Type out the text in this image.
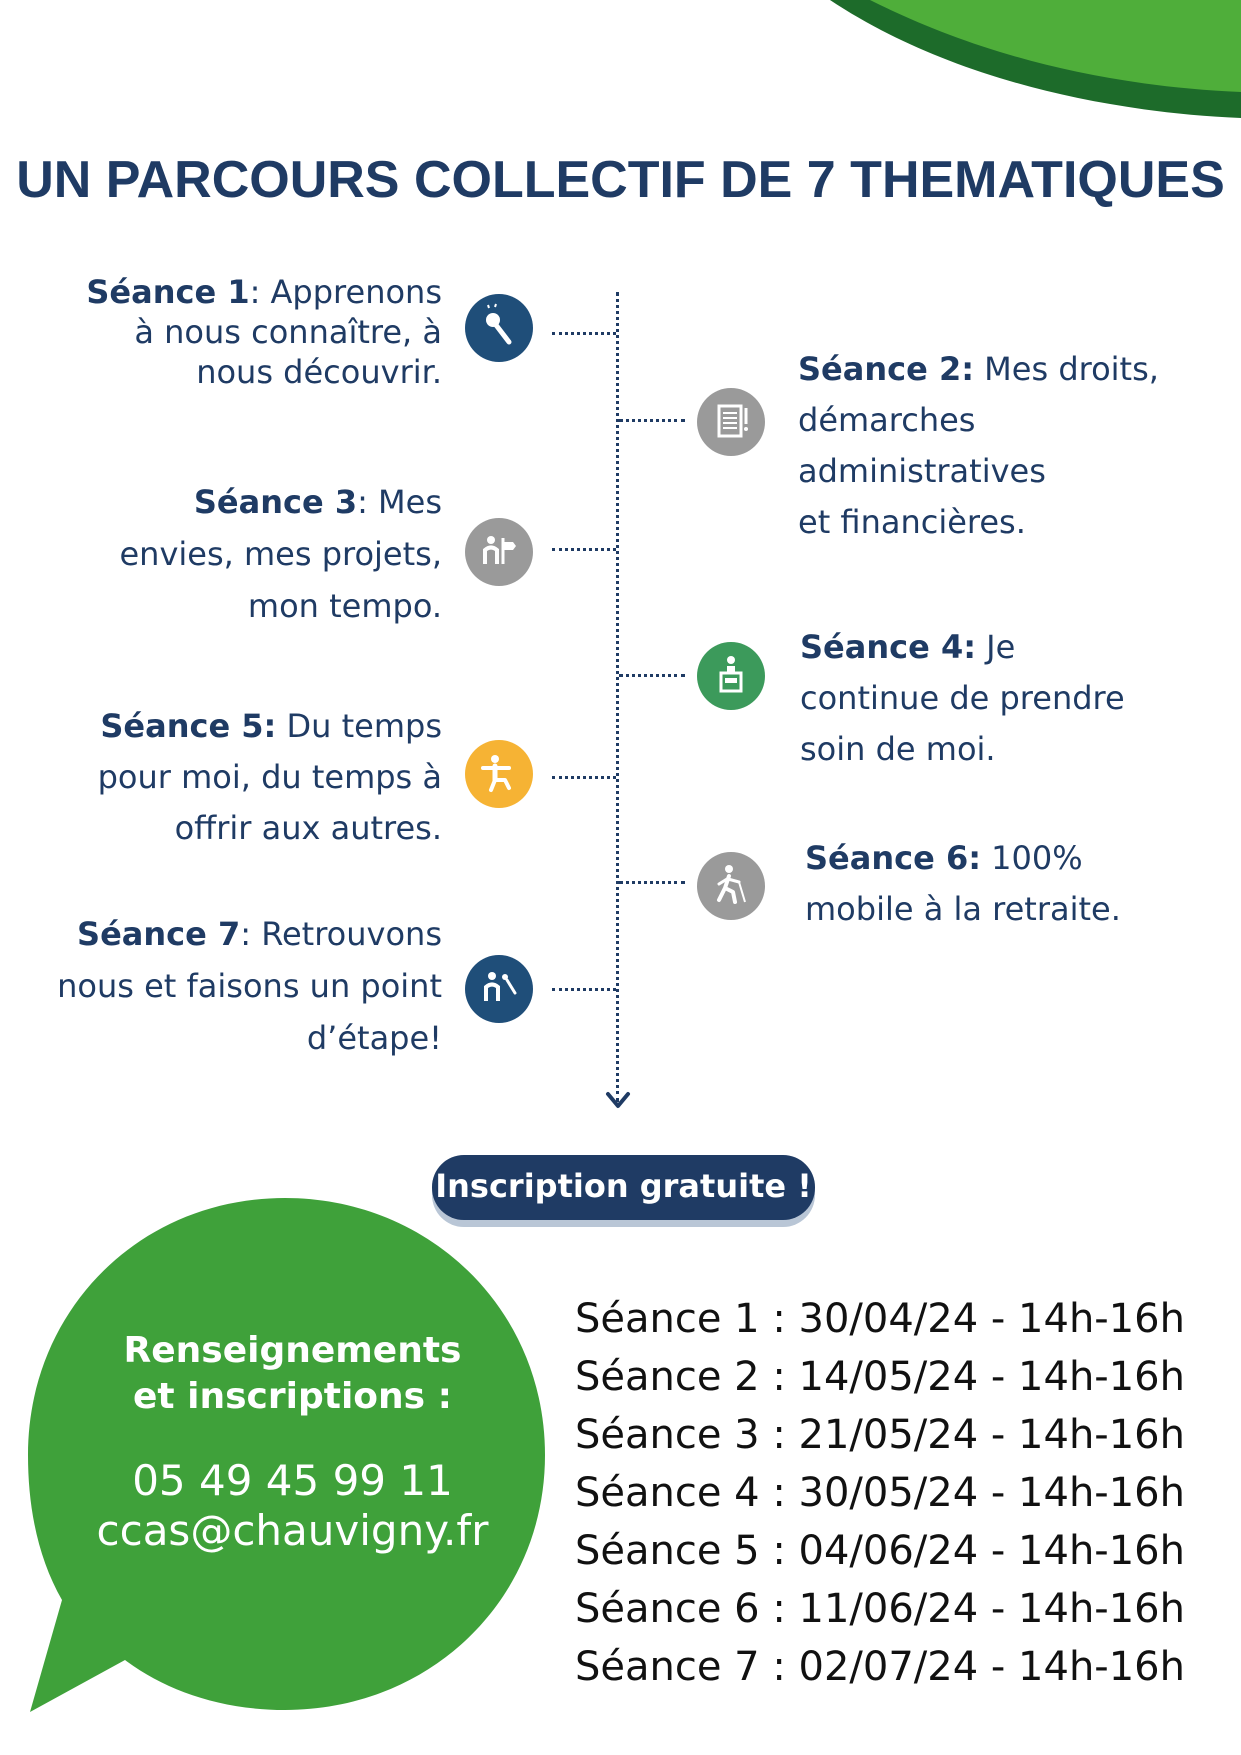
UN PARCOURS COLLECTIF DE 7 THEMATIQUES
Séance 1: Apprenons
à nous connaître, à
nous découvrir.	Séance 2: Mes droits,
démarches administratives
et financières.
Séance 3: Mes
envies, mes projets,
mon tempo.
Séance 4: Je
continue de prendre
soin de moi.
Séance 5: Du temps
pour moi, du temps à
offrir aux autres.
Séance 6: 100%
mobile à la retraite.
Séance 7: Retrouvons
nous et faisons un point
d’étape!
Inscription gratuite !
Renseignements
et inscriptions :
05 49 45 99 11
ccas@chauvigny.fr
Séance 1 : 30/04/24 - 14h-16h
Séance 2 : 14/05/24 - 14h-16h
Séance 3 : 21/05/24 - 14h-16h
Séance 4 : 30/05/24 - 14h-16h
Séance 5 : 04/06/24 - 14h-16h
Séance 6 : 11/06/24 - 14h-16h
Séance 7 : 02/07/24 - 14h-16h
